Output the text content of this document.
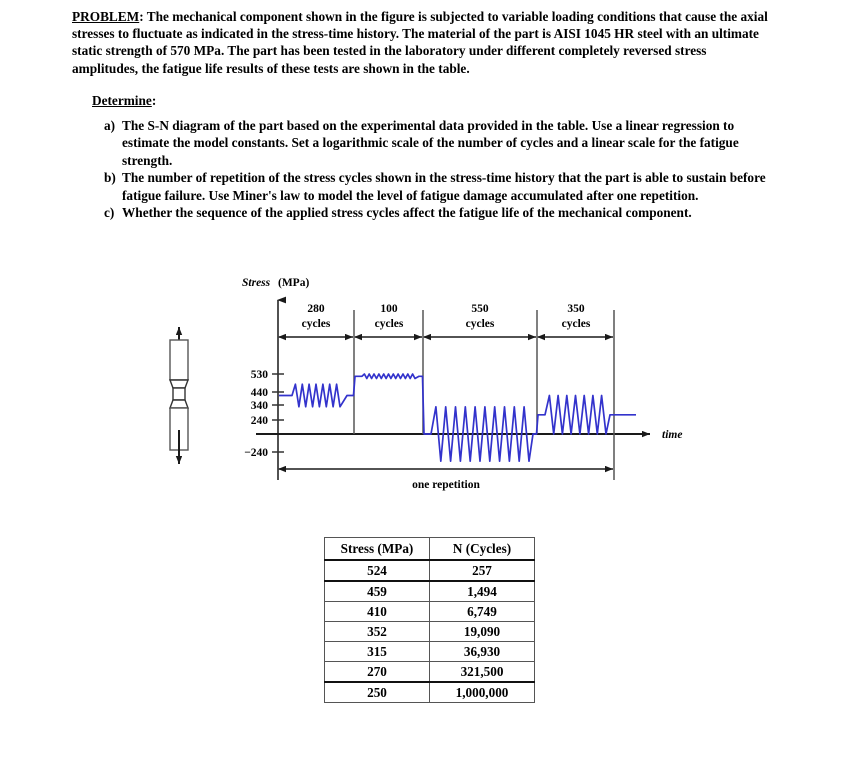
PROBLEM: The mechanical component shown in the figure is subjected to variable loading conditions that cause the axial stresses to fluctuate as indicated in the stress-time history. The material of the part is AISI 1045 HR steel with an ultimate static strength of 570 MPa. The part has been tested in the laboratory under different completely reversed stress amplitudes, the fatigue life results of these tests are shown in the table.
Determine:
a) The S-N diagram of the part based on the experimental data provided in the table. Use a linear regression to estimate the model constants. Set a logarithmic scale of the number of cycles and a linear scale for the fatigue strength.
b) The number of repetition of the stress cycles shown in the stress-time history that the part is able to sustain before fatigue failure. Use Miner's law to model the level of fatigue damage accumulated after one repetition.
c) Whether the sequence of the applied stress cycles affect the fatigue life of the mechanical component.
Stress (MPa)
time
530
440
340
240
−240
280
cycles
100
cycles
550
cycles
350
cycles
one repetition
Stress (MPa)	N (Cycles)
524	257
459	1,494
410	6,749
352	19,090
315	36,930
270	321,500
250	1,000,000
